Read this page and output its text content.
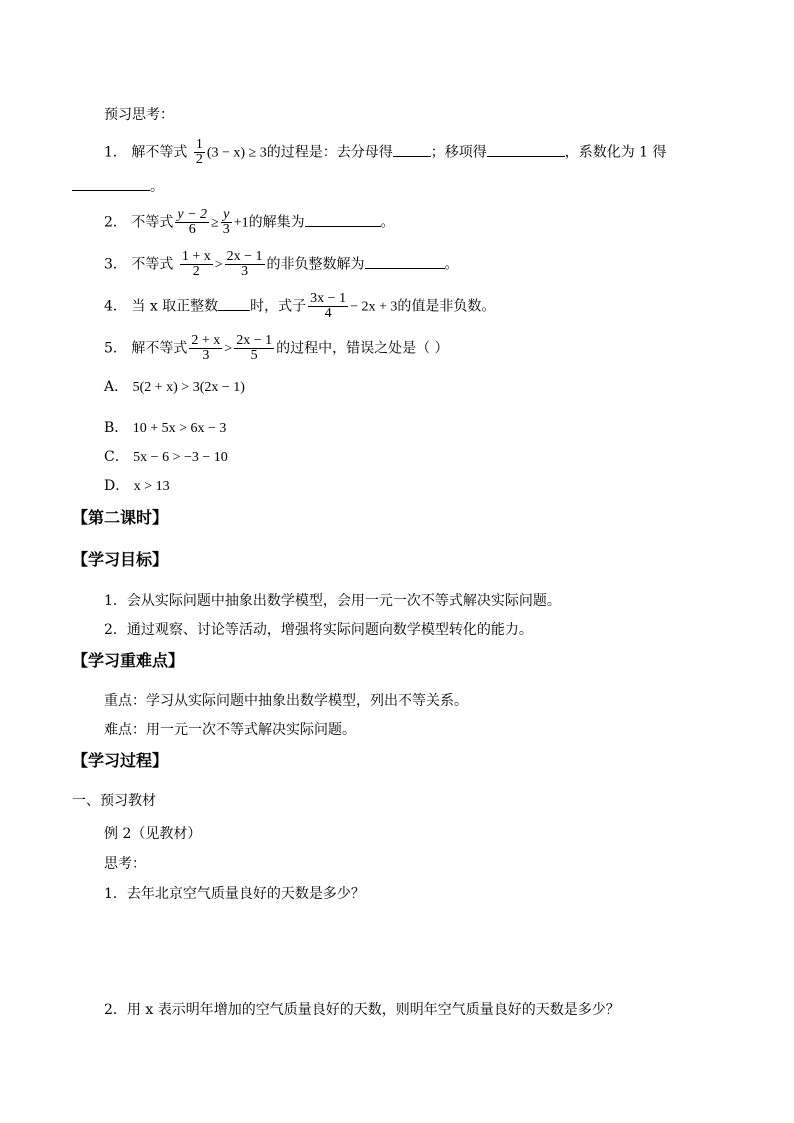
预习思考：
1． 解不等式 $\frac{1}{2} (3 - x) \ge 3$的过程是：去分母得	；移项得	，系数化为 1 得
。
2． 不等式 $\frac{y - 2}{6} \ge \frac{y}{3} +1$的解集为	。
3． 不等式 $\frac{1 + x}{2} > \frac{2x - 1}{3}$ 的非负整数解为	。
4． 当 x 取正整数 时，式子 $\frac{3x - 1}{4} - 2x + 3$的值是非负数。
5． 解不等式 $\frac{2 + x}{3} > \frac{2x - 1}{5}$ 的过程中，错误之处是（ ）
A． 5(2 + x) > 3(2x − 1)
B． 10 + 5x > 6x − 3
C． 5x − 6 > −3 − 10
D． x > 13
【第二课时】
【学习目标】
1．会从实际问题中抽象出数学模型，会用一元一次不等式解决实际问题。
2．通过观察、讨论等活动，增强将实际问题向数学模型转化的能力。
【学习重难点】
重点：学习从实际问题中抽象出数学模型，列出不等关系。
难点：用一元一次不等式解决实际问题。
【学习过程】
一、预习教材
例 2（见教材）
思考：
1．去年北京空气质量良好的天数是多少？
2．用 x 表示明年增加的空气质量良好的天数，则明年空气质量良好的天数是多少？
